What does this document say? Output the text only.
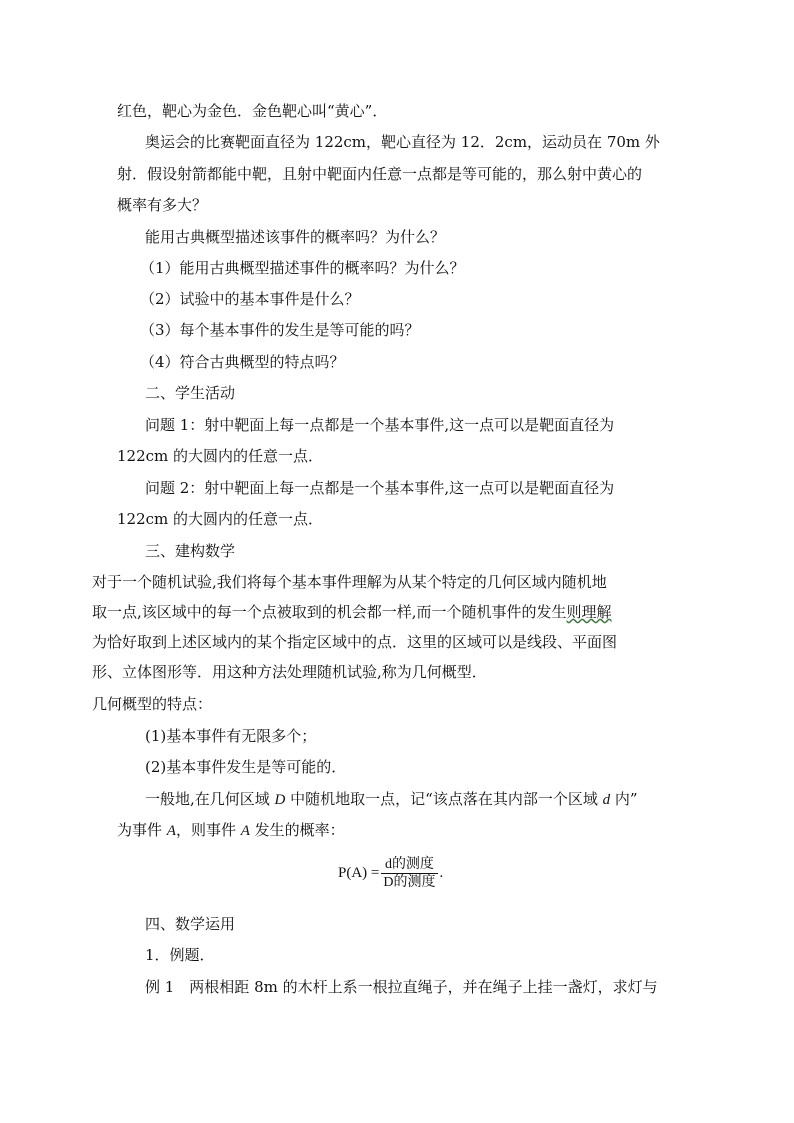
红色，靶心为金色．金色靶心叫“黄心”．
奥运会的比赛靶面直径为 122cm，靶心直径为 12．2cm，运动员在 70m 外
射．假设射箭都能中靶，且射中靶面内任意一点都是等可能的，那么射中黄心的
概率有多大？
能用古典概型描述该事件的概率吗？为什么？
（1）能用古典概型描述事件的概率吗？为什么？
（2）试验中的基本事件是什么？
（3）每个基本事件的发生是等可能的吗？
（4）符合古典概型的特点吗？
二、学生活动
问题 1：射中靶面上每一点都是一个基本事件,这一点可以是靶面直径为
122cm 的大圆内的任意一点．
问题 2：射中靶面上每一点都是一个基本事件,这一点可以是靶面直径为
122cm 的大圆内的任意一点．
三、建构数学
对于一个随机试验,我们将每个基本事件理解为从某个特定的几何区域内随机地
取一点,该区域中的每一个点被取到的机会都一样,而一个随机事件的发生则理解
为恰好取到上述区域内的某个指定区域中的点．这里的区域可以是线段、平面图
形、立体图形等．用这种方法处理随机试验,称为几何概型．
几何概型的特点：
(1)基本事件有无限多个；
(2)基本事件发生是等可能的．
一般地,在几何区域 D 中随机地取一点，记“该点落在其内部一个区域 d 内”
为事件 A，则事件 A 发生的概率：
$P(A) = \frac{\text{d的测度}}{\text{D的测度}}$ .
四、数学运用
1．例题．
例 1　两根相距 8m 的木杆上系一根拉直绳子，并在绳子上挂一盏灯，求灯与
